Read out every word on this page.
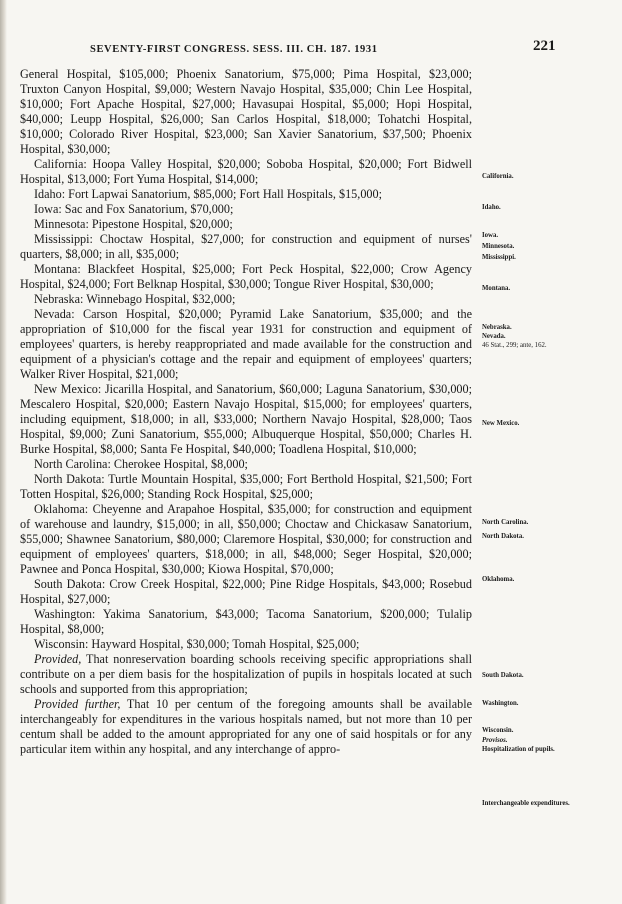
SEVENTY-FIRST CONGRESS. SESS. III. CH. 187. 1931	221

General Hospital, $105,000; Phoenix Sanatorium, $75,000; Pima Hospital, $23,000; Truxton Canyon Hospital, $9,000; Western Navajo Hospital, $35,000; Chin Lee Hospital, $10,000; Fort Apache Hospital, $27,000; Havasupai Hospital, $5,000; Hopi Hospital, $40,000; Leupp Hospital, $26,000; San Carlos Hospital, $18,000; Tohatchi Hospital, $10,000; Colorado River Hospital, $23,000; San Xavier Sanatorium, $37,500; Phoenix Hospital, $30,000;

California: Hoopa Valley Hospital, $20,000; Soboba Hospital, $20,000; Fort Bidwell Hospital, $13,000; Fort Yuma Hospital, $14,000;

Idaho: Fort Lapwai Sanatorium, $85,000; Fort Hall Hospitals, $15,000;

Iowa: Sac and Fox Sanatorium, $70,000;

Minnesota: Pipestone Hospital, $20,000;

Mississippi: Choctaw Hospital, $27,000; for construction and equipment of nurses' quarters, $8,000; in all, $35,000;

Montana: Blackfeet Hospital, $25,000; Fort Peck Hospital, $22,000; Crow Agency Hospital, $24,000; Fort Belknap Hospital, $30,000; Tongue River Hospital, $30,000;

Nebraska: Winnebago Hospital, $32,000;

Nevada: Carson Hospital, $20,000; Pyramid Lake Sanatorium, $35,000; and the appropriation of $10,000 for the fiscal year 1931 for construction and equipment of employees' quarters, is hereby reappropriated and made available for the construction and equipment of a physician's cottage and the repair and equipment of employees' quarters; Walker River Hospital, $21,000;

New Mexico: Jicarilla Hospital, and Sanatorium, $60,000; Laguna Sanatorium, $30,000; Mescalero Hospital, $20,000; Eastern Navajo Hospital, $15,000; for employees' quarters, including equipment, $18,000; in all, $33,000; Northern Navajo Hospital, $28,000; Taos Hospital, $9,000; Zuni Sanatorium, $55,000; Albuquerque Hospital, $50,000; Charles H. Burke Hospital, $8,000; Santa Fe Hospital, $40,000; Toadlena Hospital, $10,000;

North Carolina: Cherokee Hospital, $8,000;

North Dakota: Turtle Mountain Hospital, $35,000; Fort Berthold Hospital, $21,500; Fort Totten Hospital, $26,000; Standing Rock Hospital, $25,000;

Oklahoma: Cheyenne and Arapahoe Hospital, $35,000; for construction and equipment of warehouse and laundry, $15,000; in all, $50,000; Choctaw and Chickasaw Sanatorium, $55,000; Shawnee Sanatorium, $80,000; Claremore Hospital, $30,000; for construction and equipment of employees' quarters, $18,000; in all, $48,000; Seger Hospital, $20,000; Pawnee and Ponca Hospital, $30,000; Kiowa Hospital, $70,000;

South Dakota: Crow Creek Hospital, $22,000; Pine Ridge Hospitals, $43,000; Rosebud Hospital, $27,000;

Washington: Yakima Sanatorium, $43,000; Tacoma Sanatorium, $200,000; Tulalip Hospital, $8,000;

Wisconsin: Hayward Hospital, $30,000; Tomah Hospital, $25,000;

Provided, That nonreservation boarding schools receiving specific appropriations shall contribute on a per diem basis for the hospitalization of pupils in hospitals located at such schools and supported from this appropriation;

Provided further, That 10 per centum of the foregoing amounts shall be available interchangeably for expenditures in the various hospitals named, but not more than 10 per centum shall be added to the amount appropriated for any one of said hospitals or for any particular item within any hospital, and any interchange of appro-

California.
Idaho.
Iowa.
Minnesota.
Mississippi.
Montana.
Nebraska.
Nevada.
46 Stat., 299; ante, 162.
New Mexico.
North Carolina.
North Dakota.
Oklahoma.
South Dakota.
Washington.
Wisconsin.
Provisos.
Hospitalization of pupils.
Interchangeable expenditures.
